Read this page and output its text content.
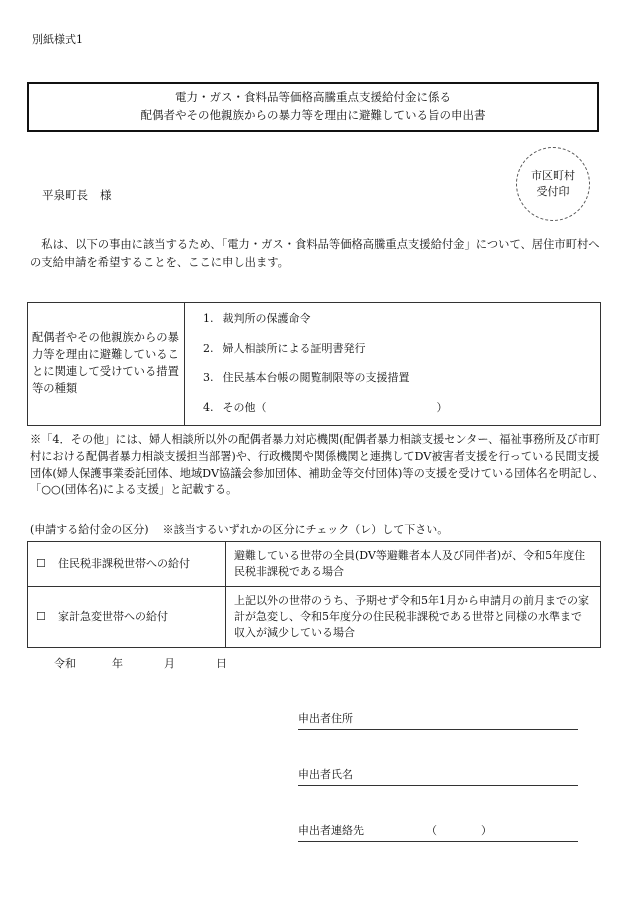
別紙様式1
電力・ガス・食料品等価格高騰重点支援給付金に係る
配偶者やその他親族からの暴力等を理由に避難している旨の申出書
市区町村
受付印
平泉町長 様
私は、以下の事由に該当するため、「電力・ガス・食料品等価格高騰重点支援給付金」について、居住市町村への支給申請を希望することを、ここに申し出ます。
配偶者やその他親族からの暴力等を理由に避難していることに関連して受けている措置等の種類
1. 裁判所の保護命令
2. 婦人相談所による証明書発行
3. 住民基本台帳の閲覧制限等の支援措置
4. その他（	）
※「4．その他」には、婦人相談所以外の配偶者暴力対応機関(配偶者暴力相談支援センター、福祉事務所及び市町村における配偶者暴力相談支援担当部署)や、行政機関や関係機関と連携してDV被害者支援を行っている民間支援団体(婦人保護事業委託団体、地域DV協議会参加団体、補助金等交付団体)等の支援を受けている団体名を明記し、「○○(団体名)による支援」と記載する。
(申請する給付金の区分) ※該当するいずれかの区分にチェック（レ）して下さい。
☐ 住民税非課税世帯への給付	避難している世帯の全員(DV等避難者本人及び同伴者)が、令和5年度住民税非課税である場合
☐ 家計急変世帯への給付	上記以外の世帯のうち、予期せず令和5年1月から申請月の前月までの家計が急変し、令和5年度分の住民税非課税である世帯と同様の水準まで収入が減少している場合
令和	年	月	日
申出者住所
申出者氏名
申出者連絡先	（　　　　）
